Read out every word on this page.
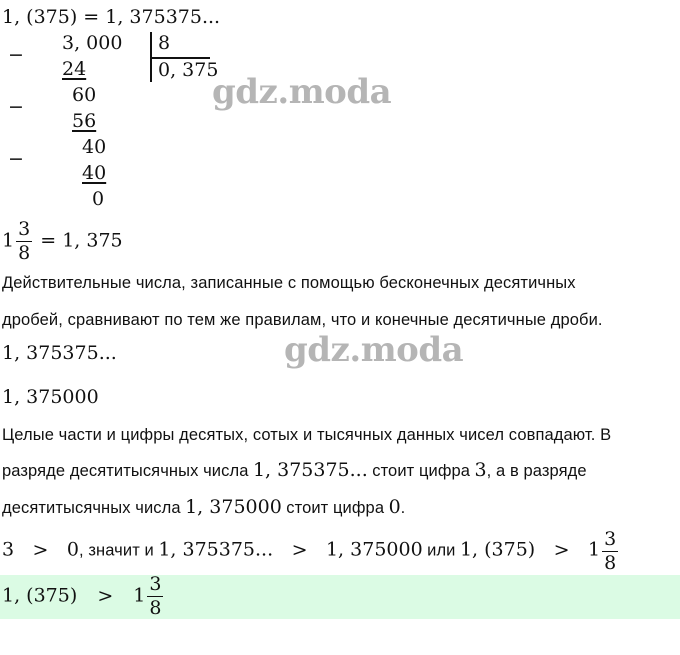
1, (375) = 1, 375375...
−
3, 000
24
8
0, 375
−
60
56
−
40
40
0
gdz.moda
$1 \frac{3}{8} = 1$, 375
Действительные числа, записанные с помощью бесконечных десятичных
дробей, сравнивают по тем же правилам, что и конечные десятичные дроби.
1, 375375...	gdz.moda
1, 375000
Целые части и цифры десятых, сотых и тысячных данных чисел совпадают. В
разряде десятитысячных числа 1, 375375... стоит цифра 3, а в разряде
десятитысячных числа 1, 375000 стоит цифра 0.
3 > 0, значит и 1, 375375... > 1, 375000 или 1, $(375) > 1 \frac{3}{8}$
1, $(375) > 1 \frac{3}{8}$
